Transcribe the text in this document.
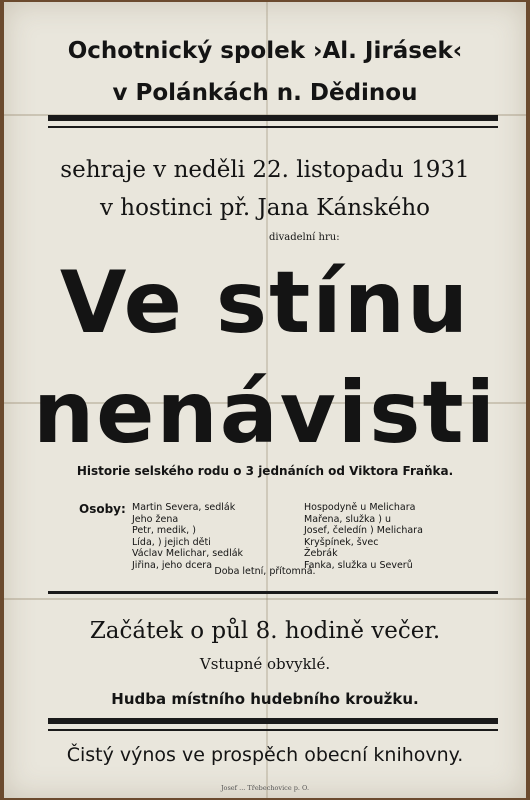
Ochotnický spolek ›Al. Jirásek‹
v Polánkách n. Dědinou
sehraje v neděli 22. listopadu 1931
v hostinci př. Jana Kánského
divadelní hru:
Ve stínu
nenávisti
Historie selského rodu o 3 jednáních od Viktora Fraňka.
Osoby: Martin Severa, sedlák
Jeho žena
Petr, medik, )
Lída, ) jejich děti
Václav Melichar, sedlák
Jiřina, jeho dcera
Hospodyně u Melichara
Mařena, služka ) u
Josef, čeledín ) Melichara
Kryšpínek, švec
Žebrák
Fanka, služka u Severů
Doba letní, přítomná.
Začátek o půl 8. hodině večer.
Vstupné obvyklé.
Hudba místního hudebního kroužku.
Čistý výnos ve prospěch obecní knihovny.
Josef ... Třebechovice p. O.
